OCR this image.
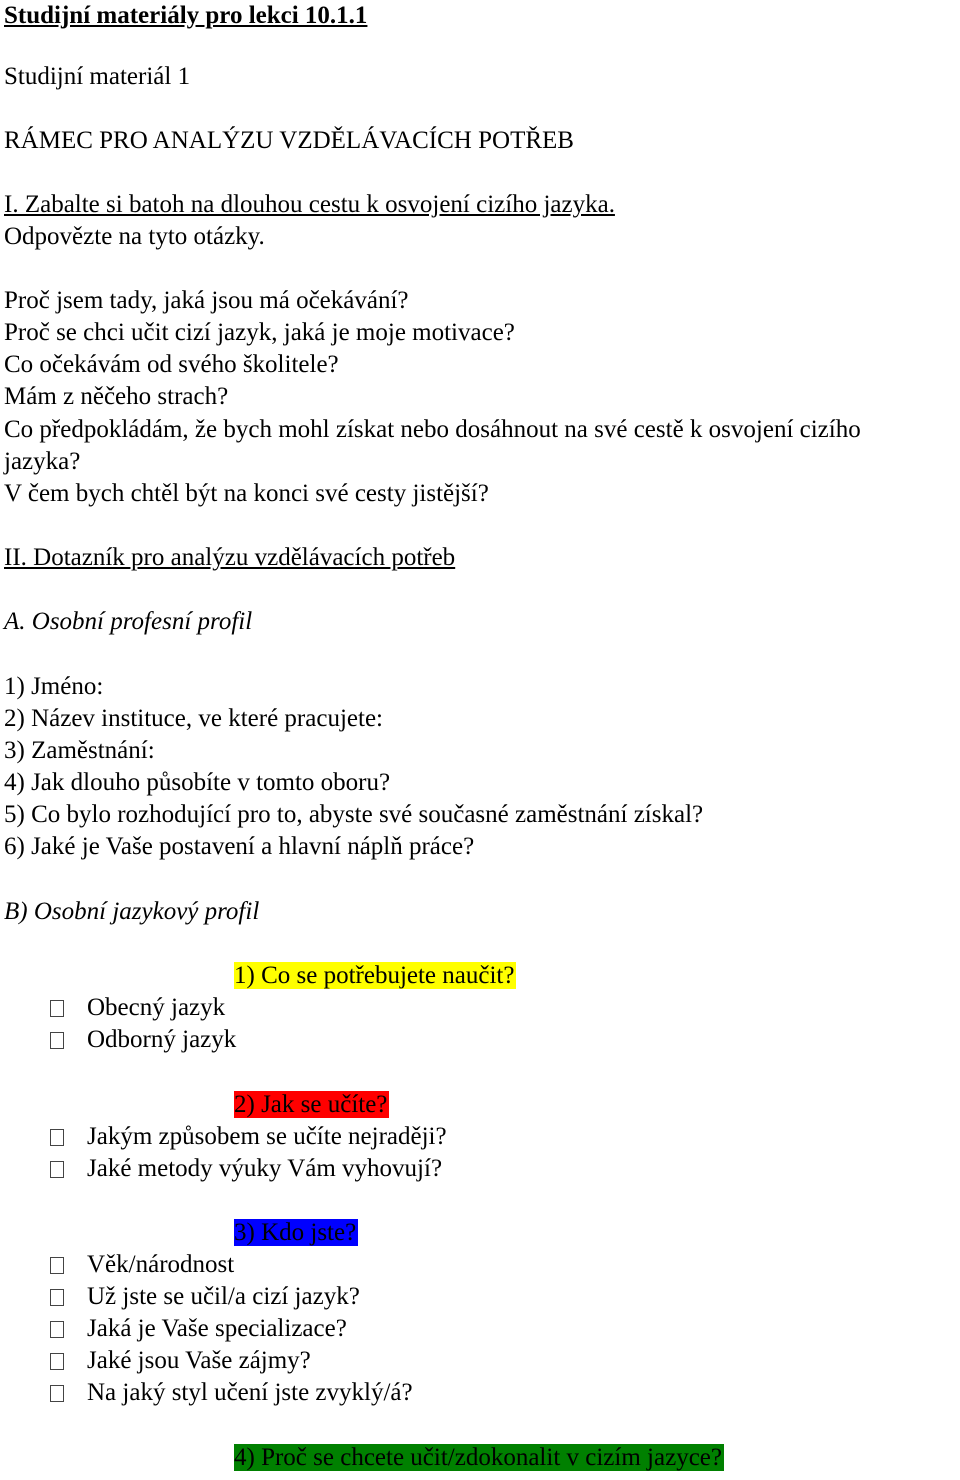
Studijní materiály pro lekci 10.1.1
Studijní materiál 1
RÁMEC PRO ANALÝZU VZDĚLÁVACÍCH POTŘEB
I. Zabalte si batoh na dlouhou cestu k osvojení cizího jazyka.
Odpovězte na tyto otázky.
Proč jsem tady, jaká jsou má očekávání?
Proč se chci učit cizí jazyk, jaká je moje motivace?
Co očekávám od svého školitele?
Mám z něčeho strach?
Co předpokládám, že bych mohl získat nebo dosáhnout na své cestě k osvojení cizího
jazyka?
V čem bych chtěl být na konci své cesty jistější?
II. Dotazník pro analýzu vzdělávacích potřeb
A. Osobní profesní profil
1) Jméno:
2) Název instituce, ve které pracujete:
3) Zaměstnání:
4) Jak dlouho působíte v tomto oboru?
5) Co bylo rozhodující pro to, abyste své současné zaměstnání získal?
6) Jaké je Vaše postavení a hlavní náplň práce?
B) Osobní jazykový profil
1) Co se potřebujete naučit?
Obecný jazyk
Odborný jazyk
2) Jak se učíte?
Jakým způsobem se učíte nejraději?
Jaké metody výuky Vám vyhovují?
3) Kdo jste?
Věk/národnost
Už jste se učil/a cizí jazyk?
Jaká je Vaše specializace?
Jaké jsou Vaše zájmy?
Na jaký styl učení jste zvyklý/á?
4) Proč se chcete učit/zdokonalit v cizím jazyce?
